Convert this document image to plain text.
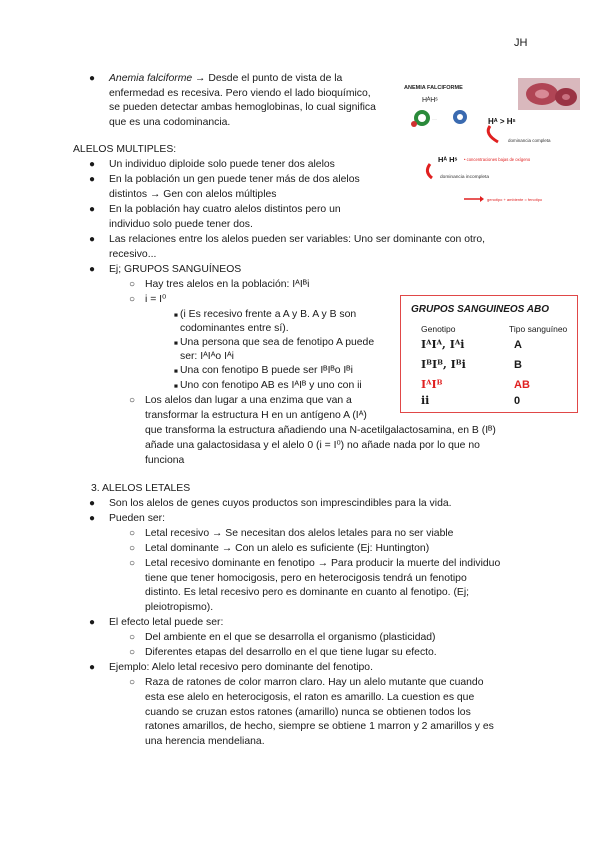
JH
● Anemia falciforme → Desde el punto de vista de la
enfermedad es recesiva. Pero viendo el lado bioquímico,
se pueden detectar ambas hemoglobinas, lo cual significa
que es una codominancia.
ANEMIA FALCIFORME
HᴬHˢ
·····	Hᴬ > Hˢ
dominancia completa
Hᴬ Hˢ • concentraciones bajas de oxígeno
dominancia incompleta
genotipo + ambiente = fenotipo
ALELOS MULTIPLES:
● Un individuo diploide solo puede tener dos alelos
● En la población un gen puede tener más de dos alelos
distintos → Gen con alelos múltiples
● En la población hay cuatro alelos distintos pero un
individuo solo puede tener dos.
● Las relaciones entre los alelos pueden ser variables: Uno ser dominante con otro,
recesivo...
● Ej; GRUPOS SANGUÍNEOS
○ Hay tres alelos en la población: IᴬIᴮi
○ i = I⁰
■ (i Es recesivo frente a A y B. A y B son
codominantes entre sí).
■ Una persona que sea de fenotipo A puede
ser: IᴬIᴬo Iᴬi
■ Una con fenotipo B puede ser IᴮIᴮo Iᴮi
■ Uno con fenotipo AB es IᴬIᴮ y uno con ii
○ Los alelos dan lugar a una enzima que van a
transformar la estructura H en un antígeno A (Iᴬ)
que transforma la estructura añadiendo una N-acetilgalactosamina, en B (Iᴮ)
añade una galactosidasa y el alelo 0 (i = I⁰) no añade nada por lo que no
funciona
GRUPOS SANGUINEOS ABO
Genotipo	Tipo sanguíneo
IᴬIᴬ, Iᴬi	A
IᴮIᴮ, Iᴮi	B
IᴬIᴮ	AB
ii	0
3. ALELOS LETALES
● Son los alelos de genes cuyos productos son imprescindibles para la vida.
● Pueden ser:
○ Letal recesivo → Se necesitan dos alelos letales para no ser viable
○ Letal dominante → Con un alelo es suficiente (Ej: Huntington)
○ Letal recesivo dominante en fenotipo → Para producir la muerte del individuo
tiene que tener homocigosis, pero en heterocigosis tendrá un fenotipo
distinto. Es letal recesivo pero es dominante en cuanto al fenotipo. (Ej;
pleiotropismo).
● El efecto letal puede ser:
○ Del ambiente en el que se desarrolla el organismo (plasticidad)
○ Diferentes etapas del desarrollo en el que tiene lugar su efecto.
● Ejemplo: Alelo letal recesivo pero dominante del fenotipo.
○ Raza de ratones de color marron claro. Hay un alelo mutante que cuando
esta ese alelo en heterocigosis, el raton es amarillo. La cuestion es que
cuando se cruzan estos ratones (amarillo) nunca se obtienen todos los
ratones amarillos, de hecho, siempre se obtiene 1 marron y 2 amarillos y es
una herencia mendeliana.
